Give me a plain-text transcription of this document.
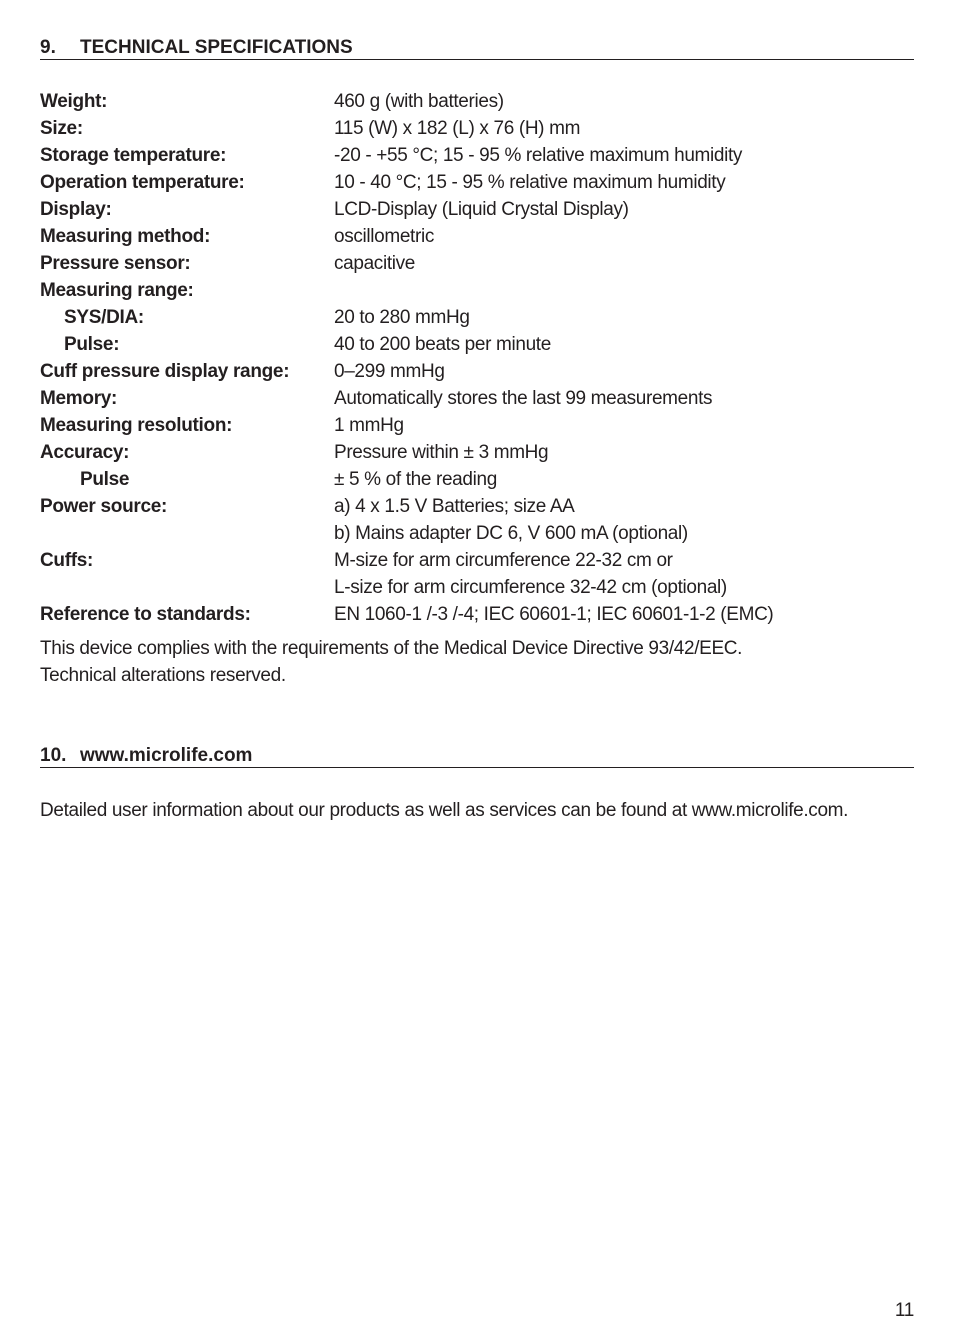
9. TECHNICAL SPECIFICATIONS
Weight:	460 g (with batteries)
Size:	115 (W) x 182 (L) x 76 (H) mm
Storage temperature:	-20 - +55 °C; 15 - 95 % relative maximum humidity
Operation temperature:	10 - 40 °C; 15 - 95 % relative maximum humidity
Display:	LCD-Display (Liquid Crystal Display)
Measuring method:	oscillometric
Pressure sensor:	capacitive
Measuring range:
SYS/DIA:	20 to 280 mmHg
Pulse:	40 to 200 beats per minute
Cuff pressure display range: 0–299 mmHg
Memory:	Automatically stores the last 99 measurements
Measuring resolution:	1 mmHg
Accuracy:	Pressure within ± 3 mmHg
Pulse	± 5 % of the reading
Power source:	a) 4 x 1.5 V Batteries; size AA
b) Mains adapter DC 6, V 600 mA (optional)
Cuffs:	M-size for arm circumference 22-32 cm or
L-size for arm circumference 32-42 cm (optional)
Reference to standards:	EN 1060-1 /-3 /-4; IEC 60601-1; IEC 60601-1-2 (EMC)
This device complies with the requirements of the Medical Device Directive 93/42/EEC.
Technical alterations reserved.
10. www.microlife.com
Detailed user information about our products as well as services can be found at www.microlife.com.
11
